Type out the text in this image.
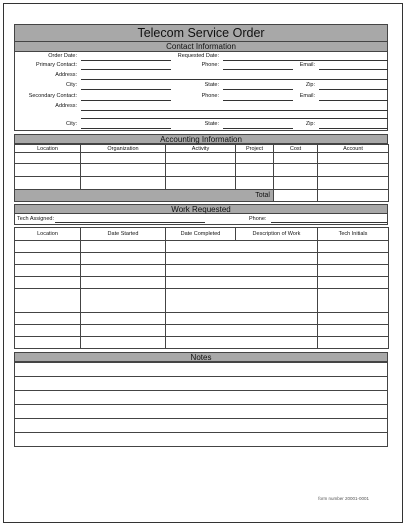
Telecom Service Order
Contact Information
Order Date:	Requested Date:
Primary Contact:	Phone:	Email:
Address:
City:	State:	Zip:
Secondary Contact:	Phone:	Email:
Address:
City:	State:	Zip:
Accounting Information
Location	Organization	Activity	Project	Cost	Account

Total					
Work Requested
Tech Assigned:	Phone:
Location	Date Started	Date Completed	Description of Work	Tech Initials

Notes

form number 20001-0001
